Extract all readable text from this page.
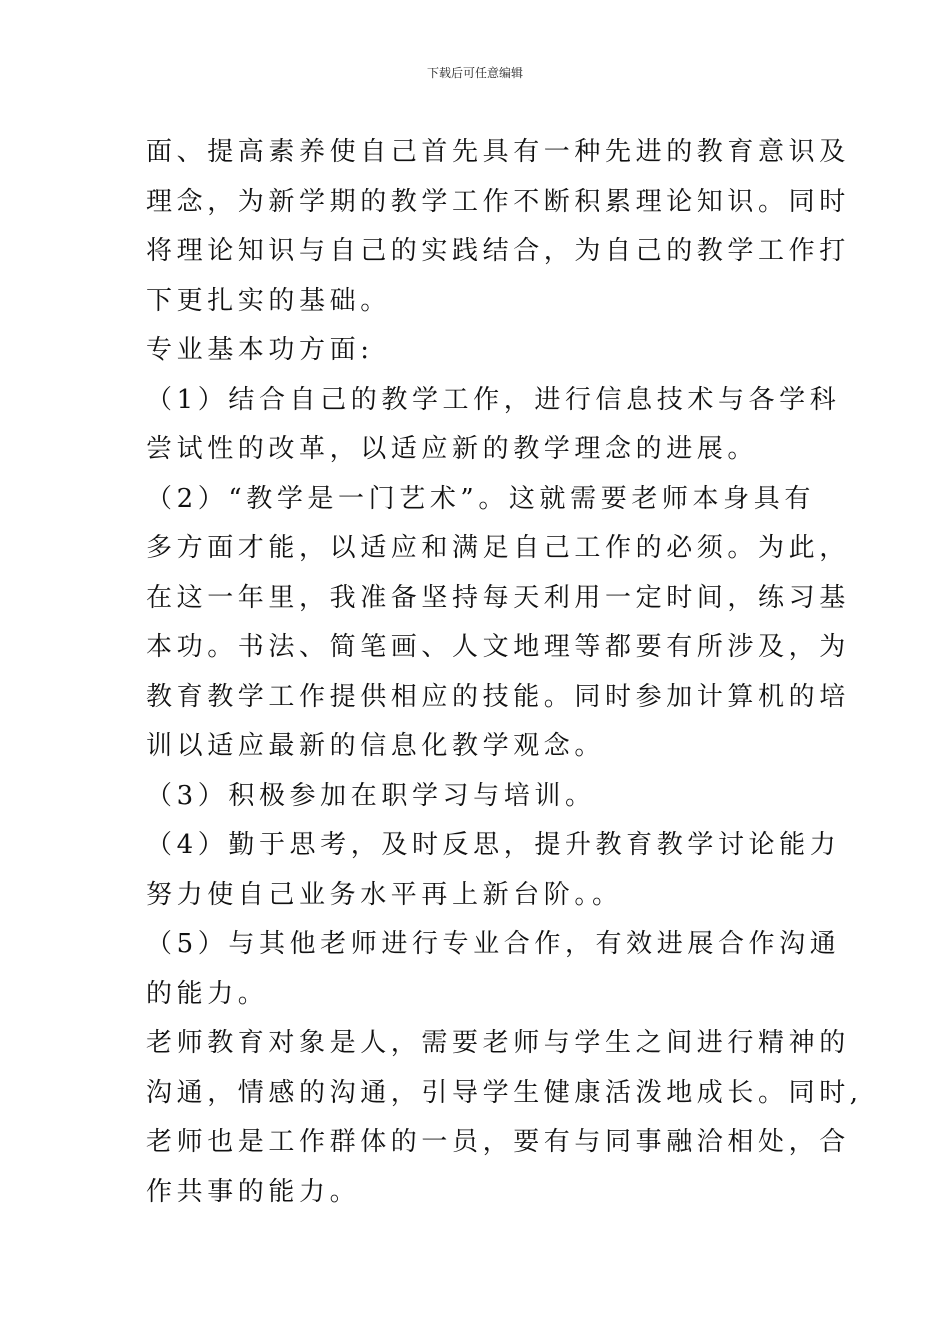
下载后可任意编辑
面、提高素养使自己首先具有一种先进的教育意识及
理念，为新学期的教学工作不断积累理论知识。同时
将理论知识与自己的实践结合，为自己的教学工作打
下更扎实的基础。
专业基本功方面:
（1）结合自己的教学工作，进行信息技术与各学科
尝试性的改革，以适应新的教学理念的进展。
（2）“教学是一门艺术”。这就需要老师本身具有
多方面才能，以适应和满足自己工作的必须。为此，
在这一年里，我准备坚持每天利用一定时间，练习基
本功。书法、简笔画、人文地理等都要有所涉及，为
教育教学工作提供相应的技能。同时参加计算机的培
训以适应最新的信息化教学观念。
（3）积极参加在职学习与培训。
（4）勤于思考，及时反思，提升教育教学讨论能力
努力使自己业务水平再上新台阶。。
（5）与其他老师进行专业合作，有效进展合作沟通
的能力。
老师教育对象是人，需要老师与学生之间进行精神的
沟通，情感的沟通，引导学生健康活泼地成长。同时,
老师也是工作群体的一员，要有与同事融洽相处，合
作共事的能力。
